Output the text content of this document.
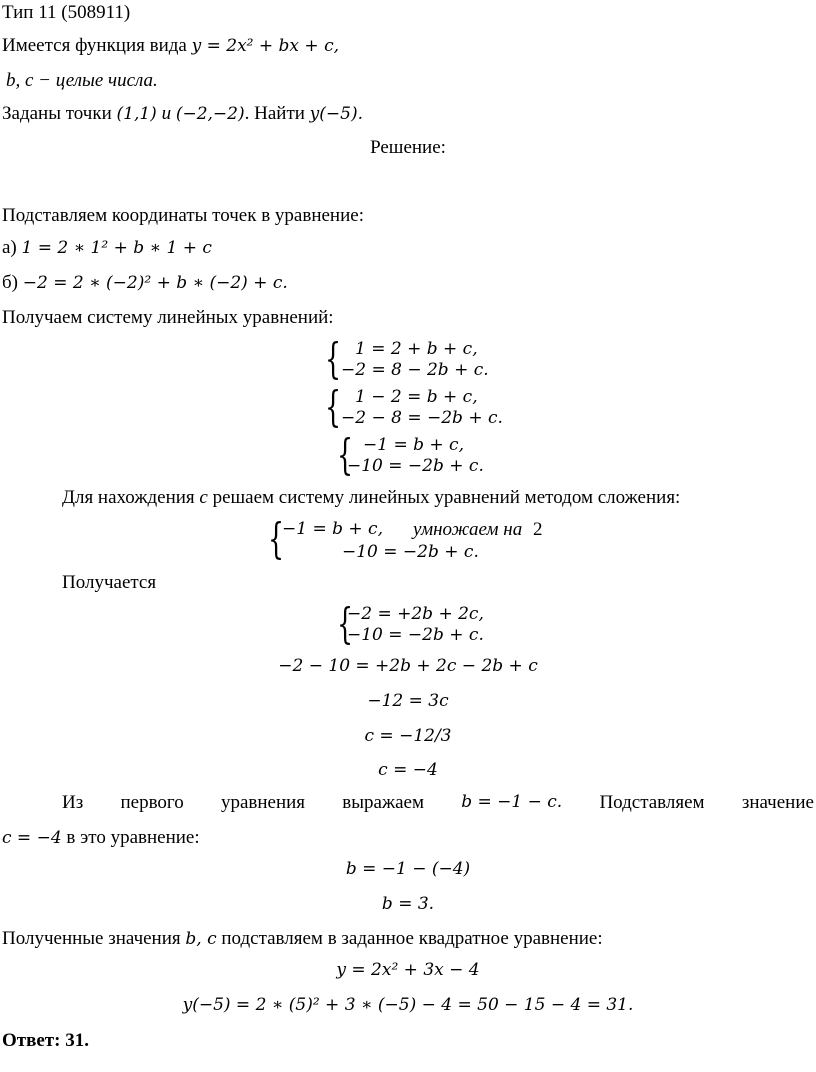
Тип 11 (508911)
Имеется функция вида y = 2x² + bx + c,
b, c − целые числа.
Заданы точки (1,1) и (−2,−2). Найти y(−5).
Решение:
Подставляем координаты точек в уравнение:
а) 1 = 2 ∗ 1² + b ∗ 1 + c
б) −2 = 2 ∗ (−2)² + b ∗ (−2) + c.
Получаем систему линейных уравнений:
{ 1 = 2 + b + c,
−2 = 8 − 2b + c.
{ 1 − 2 = b + c,
−2 − 8 = −2b + c.
{ −1 = b + c,
−10 = −2b + c.
Для нахождения c решаем систему линейных уравнений методом сложения:
{
−1 = b + c, умножаем на 2
−10 = −2b + c.
Получается
{
−2 = +2b + 2c,
−10 = −2b + c.
−2 − 10 = +2b + 2c − 2b + c
−12 = 3c
c = −12/3
c = −4
Из первого уравнения выражаем b = −1 − c. Подставляем значение
c = −4 в это уравнение:
b = −1 − (−4)
b = 3.
Полученные значения b, c подставляем в заданное квадратное уравнение:
y = 2x² + 3x − 4
y(−5) = 2 ∗ (5)² + 3 ∗ (−5) − 4 = 50 − 15 − 4 = 31.
Ответ: 31.
